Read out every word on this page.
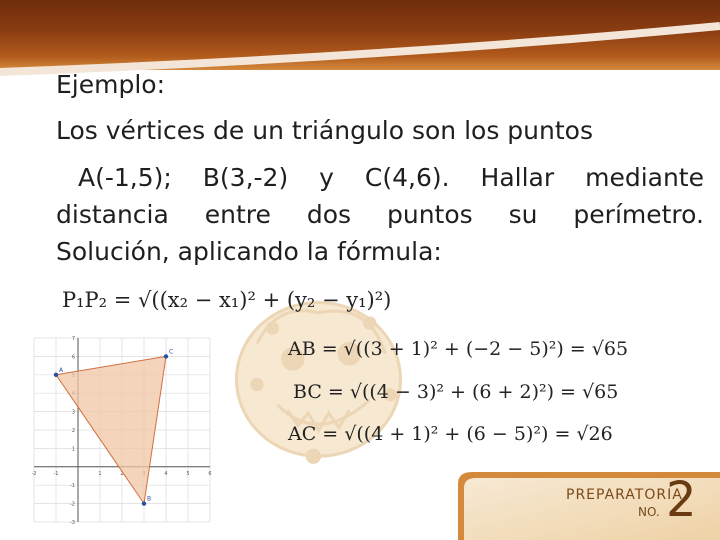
Ejemplo:
Los vértices de un triángulo son los puntos
A(-1,5); B(3,-2) y C(4,6). Hallar mediante
distancia entre dos puntos su perímetro.
Solución, aplicando la fórmula:
P₁P₂ = √((x₂ − x₁)² + (y₂ − y₁)²)
AB = √((3 + 1)² + (−2 − 5)²) = √65
BC = √((4 − 3)² + (6 + 2)²) = √65
AC = √((4 + 1)² + (6 − 5)²) = √26
-2	-1	1	2	4	5	6
-3
-2
-1
1
2
3
6
7
A
B
C
PREPARATORIA
NO. 2
